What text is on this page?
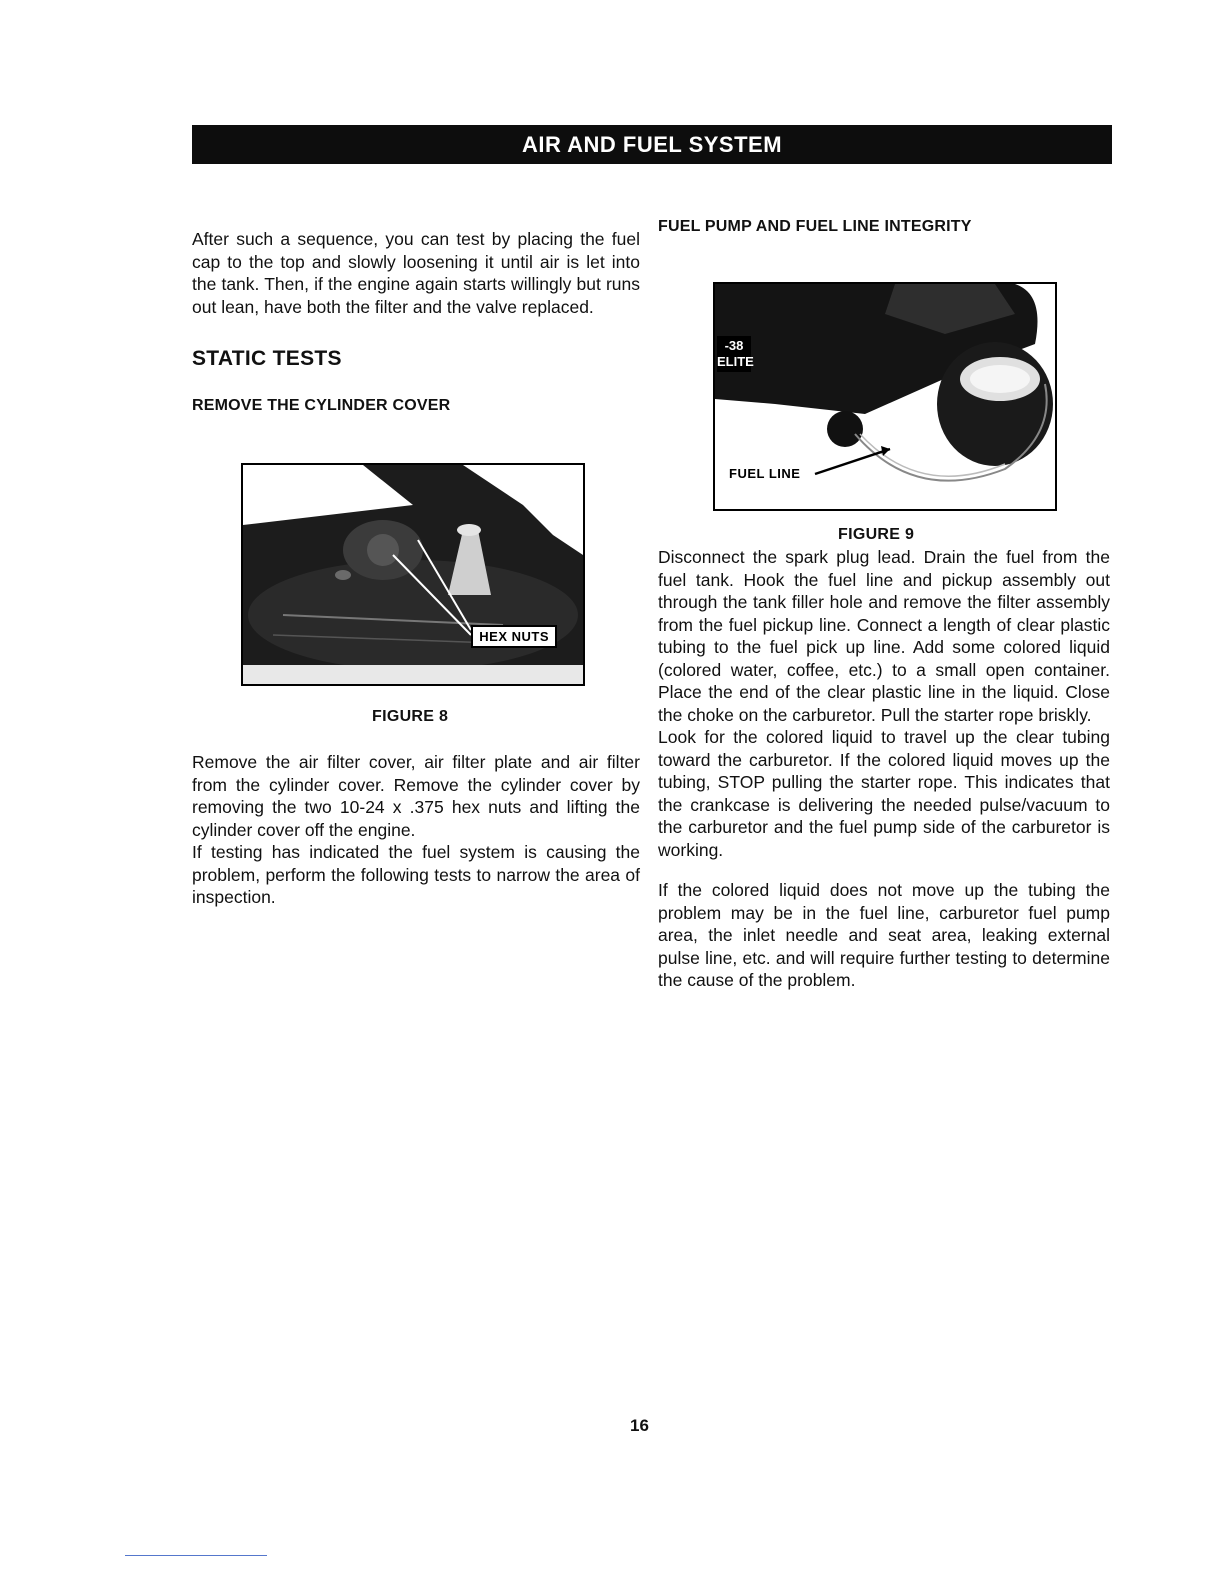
AIR AND FUEL SYSTEM

After such a sequence, you can test by placing the fuel cap to the top and slowly loosening it until air is let into the tank. Then, if the engine again starts willingly but runs out lean, have both the filter and the valve replaced.

STATIC TESTS
REMOVE THE CYLINDER COVER
HEX NUTS
FIGURE 8

Remove the air filter cover, air filter plate and air filter from the cylinder cover. Remove the cylinder cover by removing the two 10-24 x .375 hex nuts and lifting the cylinder cover off the engine.

If testing has indicated the fuel system is causing the problem, perform the following tests to narrow the area of inspection.

FUEL PUMP AND FUEL LINE INTEGRITY
-38 ELITE
FUEL LINE
FIGURE 9

Disconnect the spark plug lead. Drain the fuel from the fuel tank. Hook the fuel line and pickup assembly out through the tank filler hole and remove the filter assembly from the fuel pickup line. Connect a length of clear plastic tubing to the fuel pick up line. Add some colored liquid (colored water, coffee, etc.) to a small open container. Place the end of the clear plastic line in the liquid. Close the choke on the carburetor. Pull the starter rope briskly.

Look for the colored liquid to travel up the clear tubing toward the carburetor. If the colored liquid moves up the tubing, STOP pulling the starter rope. This indicates that the crankcase is delivering the needed pulse/vacuum to the carburetor and the fuel pump side of the carburetor is working.

If the colored liquid does not move up the tubing the problem may be in the fuel line, carburetor fuel pump area, the inlet needle and seat area, leaking external pulse line, etc. and will require further testing to determine the cause of the problem.

16
